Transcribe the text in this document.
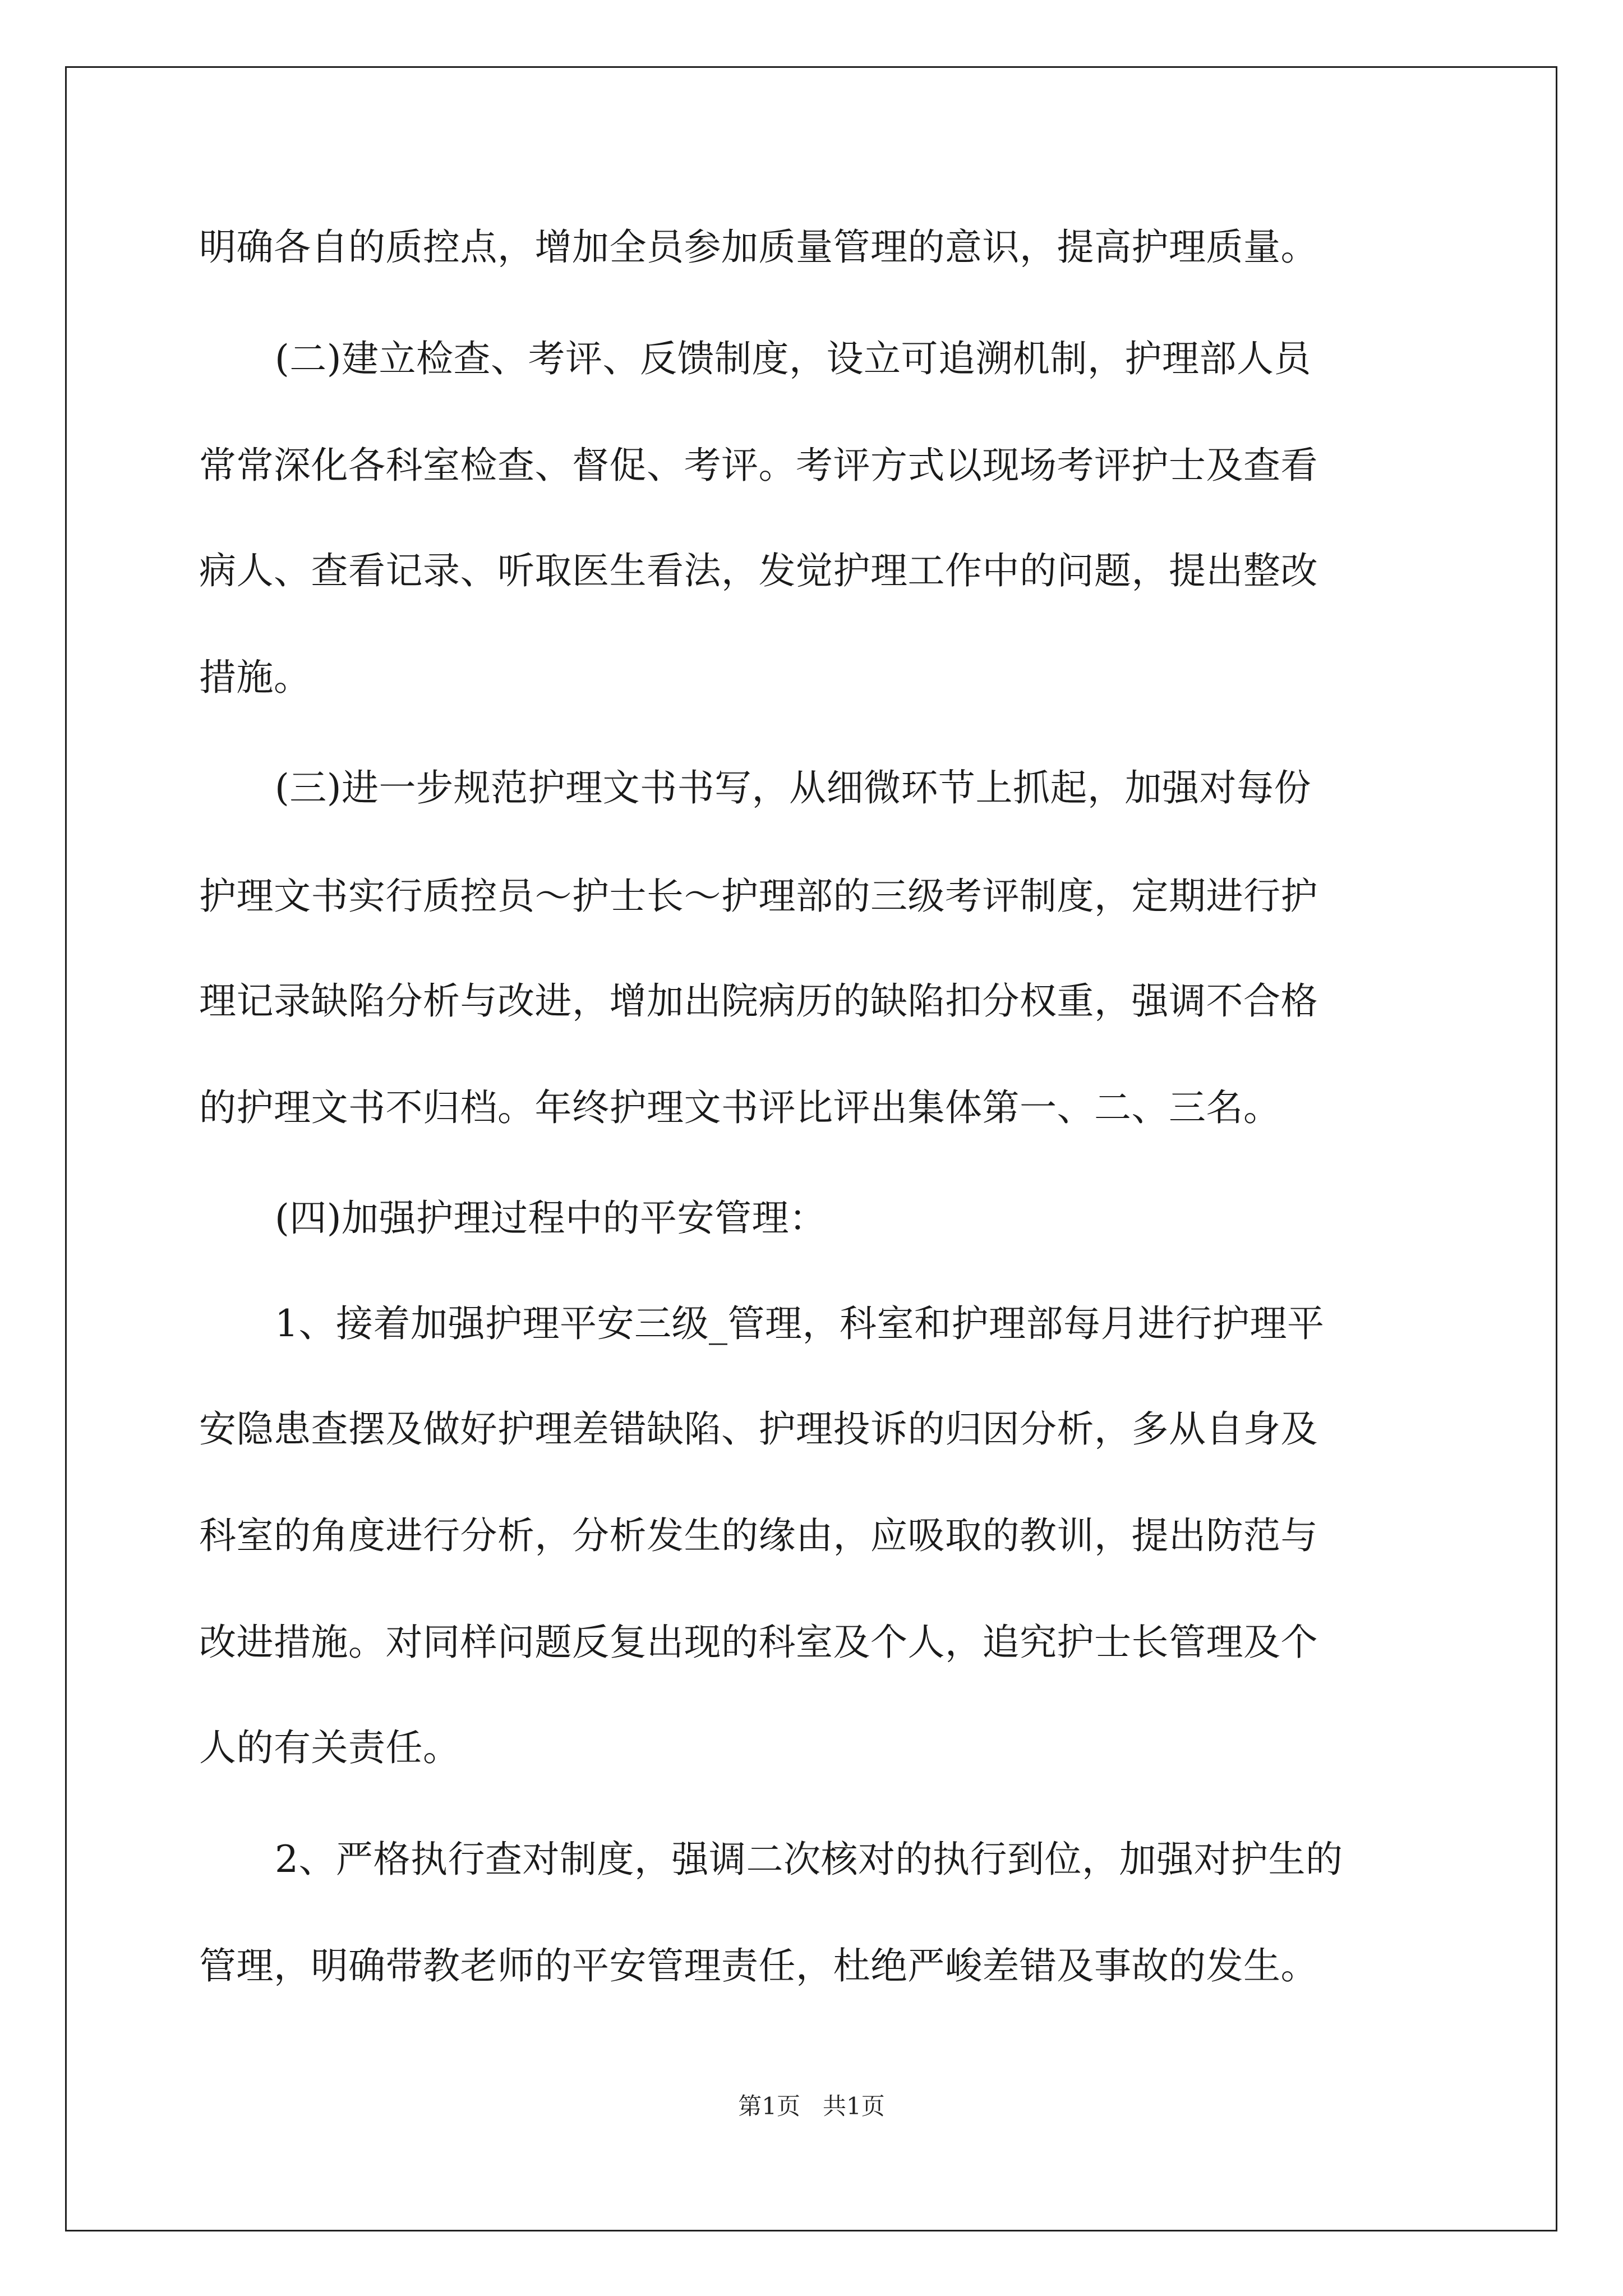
明确各自的质控点，增加全员参加质量管理的意识，提高护理质量。
(二)建立检查、考评、反馈制度，设立可追溯机制，护理部人员
常常深化各科室检查、督促、考评。考评方式以现场考评护士及查看
病人、查看记录、听取医生看法，发觉护理工作中的问题，提出整改
措施。
(三)进一步规范护理文书书写，从细微环节上抓起，加强对每份
护理文书实行质控员～护士长～护理部的三级考评制度，定期进行护
理记录缺陷分析与改进，增加出院病历的缺陷扣分权重，强调不合格
的护理文书不归档。年终护理文书评比评出集体第一、二、三名。
(四)加强护理过程中的平安管理：
1、接着加强护理平安三级_管理，科室和护理部每月进行护理平
安隐患查摆及做好护理差错缺陷、护理投诉的归因分析，多从自身及
科室的角度进行分析，分析发生的缘由，应吸取的教训，提出防范与
改进措施。对同样问题反复出现的科室及个人，追究护士长管理及个
人的有关责任。
2、严格执行查对制度，强调二次核对的执行到位，加强对护生的
管理，明确带教老师的平安管理责任，杜绝严峻差错及事故的发生。
第1页   共1页
